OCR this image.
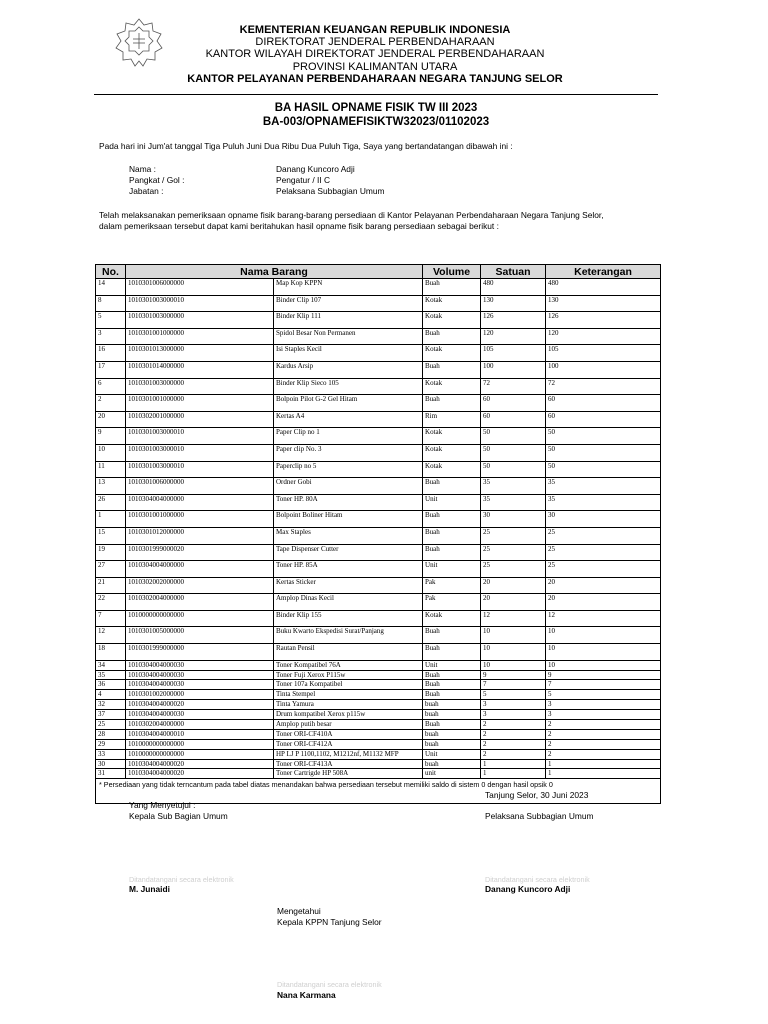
KEMENTERIAN KEUANGAN REPUBLIK INDONESIA
DIREKTORAT JENDERAL PERBENDAHARAAN
KANTOR WILAYAH DIREKTORAT JENDERAL PERBENDAHARAAN
PROVINSI KALIMANTAN UTARA
KANTOR PELAYANAN PERBENDAHARAAN NEGARA TANJUNG SELOR
BA HASIL OPNAME FISIK TW III 2023
BA-003/OPNAMEFISIKTW32023/01102023
Pada hari ini Jum'at tanggal Tiga Puluh Juni Dua Ribu Dua Puluh Tiga, Saya yang bertandatangan dibawah ini :
Nama :	Danang Kuncoro Adji
Pangkat / Gol :	Pengatur / II C
Jabatan :	Pelaksana Subbagian Umum
Telah melaksanakan pemeriksaan opname fisik barang-barang persediaan di Kantor Pelayanan Perbendaharaan Negara Tanjung Selor,
dalam pemeriksaan tersebut dapat kami beritahukan hasil opname fisik barang persediaan sebagai berikut :
No.	Nama Barang		Volume	Satuan	Keterangan
14	1010301006000000	Map Kop KPPN	Buah	480	480
8	1010301003000010	Binder Clip 107	Kotak	130	130
5	1010301003000000	Binder Klip 111	Kotak	126	126
3	1010301001000000	Spidol Besar Non Permanen	Buah	120	120
16	1010301013000000	Isi Staples Kecil	Kotak	105	105
17	1010301014000000	Kardus Arsip	Buah	100	100
6	1010301003000000	Binder Klip Sieco 105	Kotak	72	72
2	1010301001000000	Bolpoin Pilot G-2 Gel Hitam	Buah	60	60
20	1010302001000000	Kertas A4	Rim	60	60
9	1010301003000010	Paper Clip no 1	Kotak	50	50
10	1010301003000010	Paper clip No. 3	Kotak	50	50
11	1010301003000010	Paperclip no 5	Kotak	50	50
13	1010301006000000	Ordner Gobi	Buah	35	35
26	1010304004000000	Toner HP. 80A	Unit	35	35
1	1010301001000000	Bolpoint Boliner Hitam	Buah	30	30
15	1010301012000000	Max Staples	Buah	25	25
19	1010301999000020	Tape Dispenser Cutter	Buah	25	25
27	1010304004000000	Toner HP. 85A	Unit	25	25
21	1010302002000000	Kertas Sticker	Pak	20	20
22	1010302004000000	Amplop Dinas Kecil	Pak	20	20
7	1010000000000000	Binder Klip 155	Kotak	12	12
12	1010301005000000	Buku Kwarto Ekspedisi Surat/Panjang	Buah	10	10
18	1010301999000000	Rautan Pensil	Buah	10	10
34	1010304004000030	Toner Kompatibel 76A	Unit	10	10
35	1010304004000030	Toner Fuji Xerox P115w	Buah	9	9
36	1010304004000030	Toner 107a Kompatibel	Buah	7	7
4	1010301002000000	Tinta Stempel	Buah	5	5
32	1010304004000020	Tinta Yamura	buah	3	3
37	1010304004000030	Drum kompatibel Xerox p115w	buah	3	3
25	1010302004000000	Amplop putih besar	Buah	2	2
28	1010304004000010	Toner ORI-CF410A	buah	2	2
29	1010000000000000	Toner ORI-CF412A	buah	2	2
33	1010000000000000	HP LJ P 1100,1102, M1212nf, M1132 MFP	Unit	2	2
30	1010304004000020	Toner ORI-CF413A	buah	1	1
31	1010304004000020	Toner Cartrigde HP 508A	unit	1	1
* Persediaan yang tidak terncantum pada tabel diatas menandakan bahwa persediaan tersebut memiliki saldo di sistem 0 dengan hasil opsik 0					
Tanjung Selor, 30 Juni 2023
Yang Menyetujui :
Kepala Sub Bagian Umum	Pelaksana Subbagian Umum
Ditandatangani secara elektronik	Ditandatangani secara elektronik
M. Junaidi	Danang Kuncoro Adji
Mengetahui
Kepala KPPN Tanjung Selor
Ditandatangani secara elektronik
Nana Karmana
